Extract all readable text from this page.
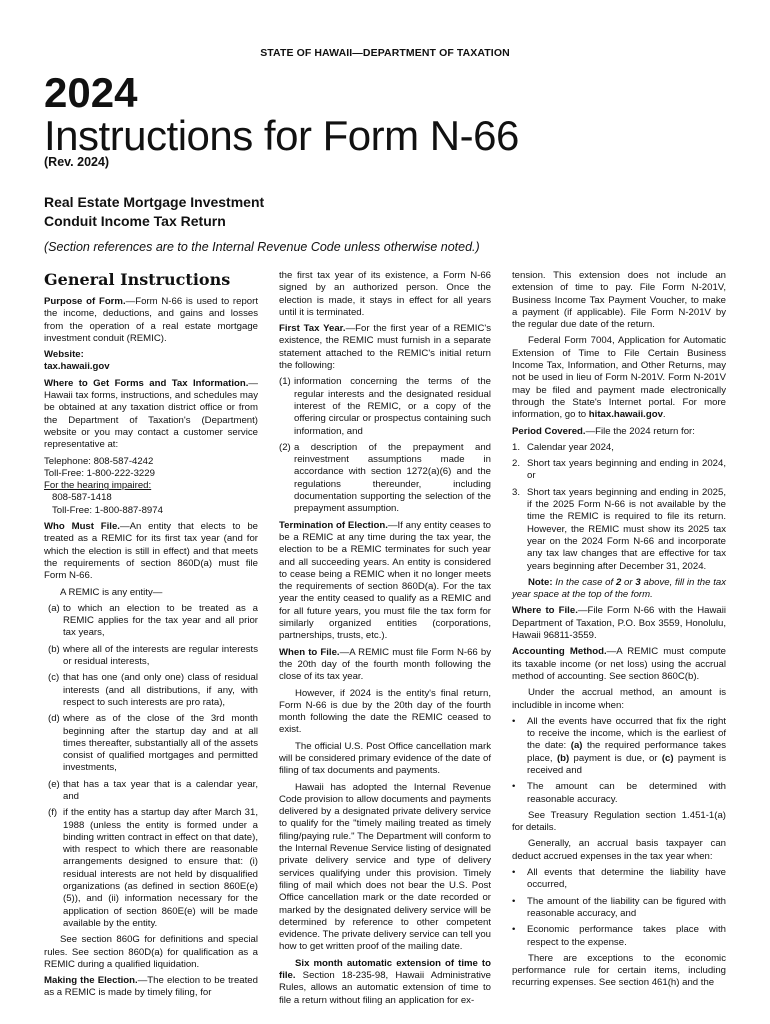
STATE OF HAWAII—DEPARTMENT OF TAXATION
2024
Instructions for Form N-66
(Rev. 2024)
Real Estate Mortgage Investment
Conduit Income Tax Return
(Section references are to the Internal Revenue Code unless otherwise noted.)
General Instructions

Purpose of Form.—Form N-66 is used to report the income, deductions, and gains and losses from the operation of a real estate mortgage investment conduit (REMIC).

Website:
tax.hawaii.gov

Where to Get Forms and Tax Information.—Hawaii tax forms, instructions, and schedules may be obtained at any taxation district office or from the Department of Taxation's (Department) website or you may contact a customer service representative at:

Telephone: 808-587-4242
Toll-Free: 1-800-222-3229
For the hearing impaired:
808-587-1418
Toll-Free: 1-800-887-8974

Who Must File.—An entity that elects to be treated as a REMIC for its first tax year (and for which the election is still in effect) and that meets the requirements of section 860D(a) must file Form N-66.

A REMIC is any entity—

(a) to which an election to be treated as a REMIC applies for the tax year and all prior tax years,
(b) where all of the interests are regular interests or residual interests,
(c) that has one (and only one) class of residual interests (and all distributions, if any, with respect to such interests are pro rata),
(d) where as of the close of the 3rd month beginning after the startup day and at all times thereafter, substantially all of the assets consist of qualified mortgages and permitted investments,
(e) that has a tax year that is a calendar year, and
(f) if the entity has a startup day after March 31, 1988 (unless the entity is formed under a binding written contract in effect on that date), with respect to which there are reasonable arrangements designed to ensure that: (i) residual interests are not held by disqualified organizations (as defined in section 860E(e)(5)), and (ii) information necessary for the application of section 860E(e) will be made available by the entity.

See section 860G for definitions and special rules. See section 860D(a) for qualification as a REMIC during a qualified liquidation.

Making the Election.—The election to be treated as a REMIC is made by timely filing, for

the first tax year of its existence, a Form N-66 signed by an authorized person. Once the election is made, it stays in effect for all years until it is terminated.

First Tax Year.—For the first year of a REMIC's existence, the REMIC must furnish in a separate statement attached to the REMIC's initial return the following:

(1) information concerning the terms of the regular interests and the designated residual interest of the REMIC, or a copy of the offering circular or prospectus containing such information, and
(2) a description of the prepayment and reinvestment assumptions made in accordance with section 1272(a)(6) and the regulations thereunder, including documentation supporting the selection of the prepayment assumption.

Termination of Election.—If any entity ceases to be a REMIC at any time during the tax year, the election to be a REMIC terminates for such year and all succeeding years. An entity is considered to cease being a REMIC when it no longer meets the requirements of section 860D(a). For the tax year the entity ceased to qualify as a REMIC and for all future years, you must file the tax form for similarly organized entities (corporations, partnerships, trusts, etc.).

When to File.—A REMIC must file Form N-66 by the 20th day of the fourth month following the close of its tax year.

However, if 2024 is the entity's final return, Form N-66 is due by the 20th day of the fourth month following the date the REMIC ceased to exist.

The official U.S. Post Office cancellation mark will be considered primary evidence of the date of filing of tax documents and payments.

Hawaii has adopted the Internal Revenue Code provision to allow documents and payments delivered by a designated private delivery service to qualify for the "timely mailing treated as timely filing/paying rule." The Department will conform to the Internal Revenue Service listing of designated private delivery service and type of delivery services qualifying under this provision. Timely filing of mail which does not bear the U.S. Post Office cancellation mark or the date recorded or marked by the designated delivery service will be determined by reference to other competent evidence. The private delivery service can tell you how to get written proof of the mailing date.

Six month automatic extension of time to file. Section 18-235-98, Hawaii Administrative Rules, allows an automatic extension of time to file a return without filing an application for ex-

tension. This extension does not include an extension of time to pay. File Form N-201V, Business Income Tax Payment Voucher, to make a payment (if applicable). File Form N-201V by the regular due date of the return.

Federal Form 7004, Application for Automatic Extension of Time to File Certain Business Income Tax, Information, and Other Returns, may not be used in lieu of Form N-201V. Form N-201V may be filed and payment made electronically through the State's Internet portal. For more information, go to hitax.hawaii.gov.

Period Covered.—File the 2024 return for:

1. Calendar year 2024,
2. Short tax years beginning and ending in 2024, or
3. Short tax years beginning and ending in 2025, if the 2025 Form N-66 is not available by the time the REMIC is required to file its return. However, the REMIC must show its 2025 tax year on the 2024 Form N-66 and incorporate any tax law changes that are effective for tax years beginning after December 31, 2024.

Note: In the case of 2 or 3 above, fill in the tax year space at the top of the form.

Where to File.—File Form N-66 with the Hawaii Department of Taxation, P.O. Box 3559, Honolulu, Hawaii 96811-3559.

Accounting Method.—A REMIC must compute its taxable income (or net loss) using the accrual method of accounting. See section 860C(b).

Under the accrual method, an amount is includible in income when:

•	All the events have occurred that fix the right to receive the income, which is the earliest of the date: (a) the required performance takes place, (b) payment is due, or (c) payment is received and
•	The amount can be determined with reasonable accuracy.

See Treasury Regulation section 1.451-1(a) for details.

Generally, an accrual basis taxpayer can deduct accrued expenses in the tax year when:

•	All events that determine the liability have occurred,
•	The amount of the liability can be figured with reasonable accuracy, and
•	Economic performance takes place with respect to the expense.

There are exceptions to the economic performance rule for certain items, including recurring expenses. See section 461(h) and the
